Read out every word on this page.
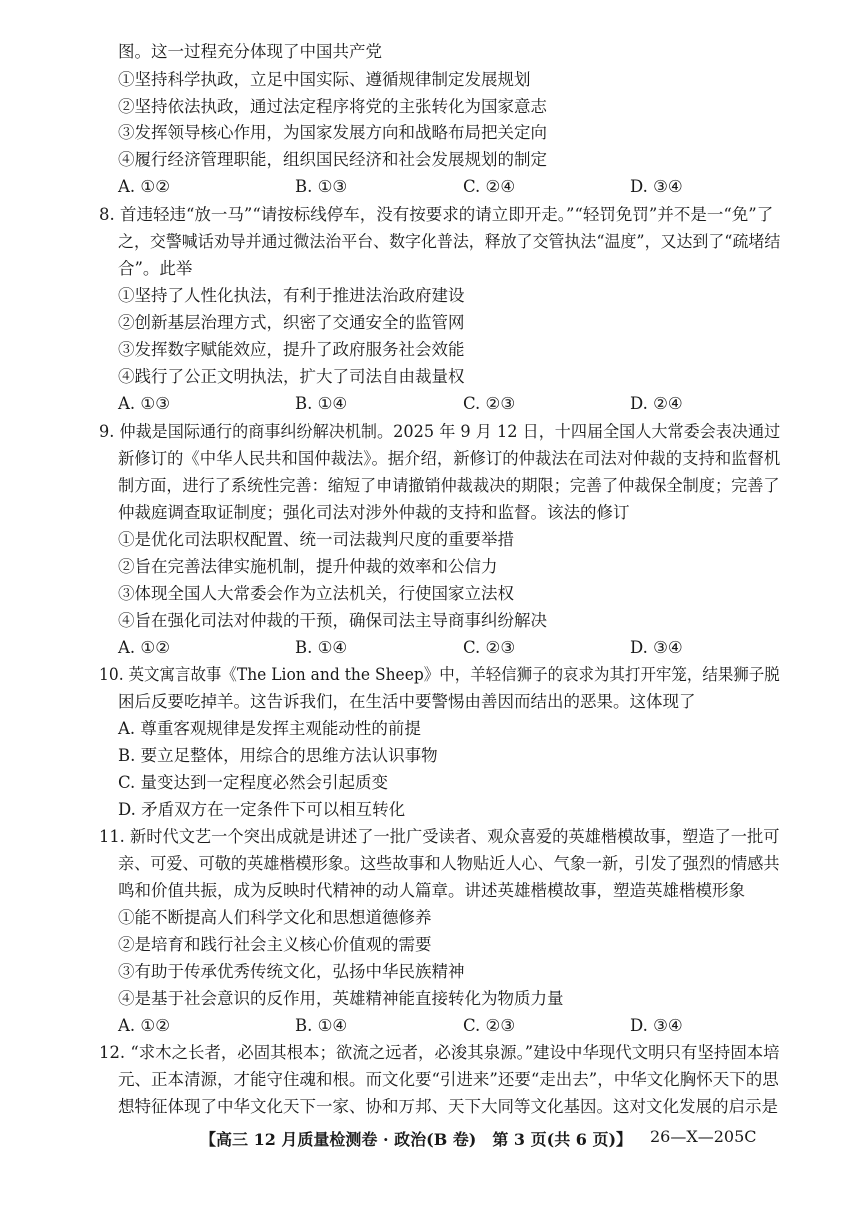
图。这一过程充分体现了中国共产党
①坚持科学执政，立足中国实际、遵循规律制定发展规划
②坚持依法执政，通过法定程序将党的主张转化为国家意志
③发挥领导核心作用，为国家发展方向和战略布局把关定向
④履行经济管理职能，组织国民经济和社会发展规划的制定
A. ①②	B. ①③	C. ②④	D. ③④
8. 首违轻违“放一马”“请按标线停车，没有按要求的请立即开走。”“轻罚免罚”并不是一“免”了
之，交警喊话劝导并通过微法治平台、数字化普法，释放了交管执法“温度”，又达到了“疏堵结
合”。此举
①坚持了人性化执法，有利于推进法治政府建设
②创新基层治理方式，织密了交通安全的监管网
③发挥数字赋能效应，提升了政府服务社会效能
④践行了公正文明执法，扩大了司法自由裁量权
A. ①③	B. ①④	C. ②③	D. ②④
9. 仲裁是国际通行的商事纠纷解决机制。2025 年 9 月 12 日，十四届全国人大常委会表决通过
新修订的《中华人民共和国仲裁法》。据介绍，新修订的仲裁法在司法对仲裁的支持和监督机
制方面，进行了系统性完善：缩短了申请撤销仲裁裁决的期限；完善了仲裁保全制度；完善了
仲裁庭调查取证制度；强化司法对涉外仲裁的支持和监督。该法的修订
①是优化司法职权配置、统一司法裁判尺度的重要举措
②旨在完善法律实施机制，提升仲裁的效率和公信力
③体现全国人大常委会作为立法机关，行使国家立法权
④旨在强化司法对仲裁的干预，确保司法主导商事纠纷解决
A. ①②	B. ①④	C. ②③	D. ③④
10. 英文寓言故事《The Lion and the Sheep》中，羊轻信狮子的哀求为其打开牢笼，结果狮子脱
困后反要吃掉羊。这告诉我们，在生活中要警惕由善因而结出的恶果。这体现了
A. 尊重客观规律是发挥主观能动性的前提
B. 要立足整体，用综合的思维方法认识事物
C. 量变达到一定程度必然会引起质变
D. 矛盾双方在一定条件下可以相互转化
11. 新时代文艺一个突出成就是讲述了一批广受读者、观众喜爱的英雄楷模故事，塑造了一批可
亲、可爱、可敬的英雄楷模形象。这些故事和人物贴近人心、气象一新，引发了强烈的情感共
鸣和价值共振，成为反映时代精神的动人篇章。讲述英雄楷模故事，塑造英雄楷模形象
①能不断提高人们科学文化和思想道德修养
②是培育和践行社会主义核心价值观的需要
③有助于传承优秀传统文化，弘扬中华民族精神
④是基于社会意识的反作用，英雄精神能直接转化为物质力量
A. ①②	B. ①④	C. ②③	D. ③④
12. “求木之长者，必固其根本；欲流之远者，必浚其泉源。”建设中华现代文明只有坚持固本培
元、正本清源，才能守住魂和根。而文化要“引进来”还要“走出去”，中华文化胸怀天下的思
想特征体现了中华文化天下一家、协和万邦、天下大同等文化基因。这对文化发展的启示是
【高三 12 月质量检测卷 · 政治(B 卷)　第 3 页(共 6 页)】 26—X—205C
